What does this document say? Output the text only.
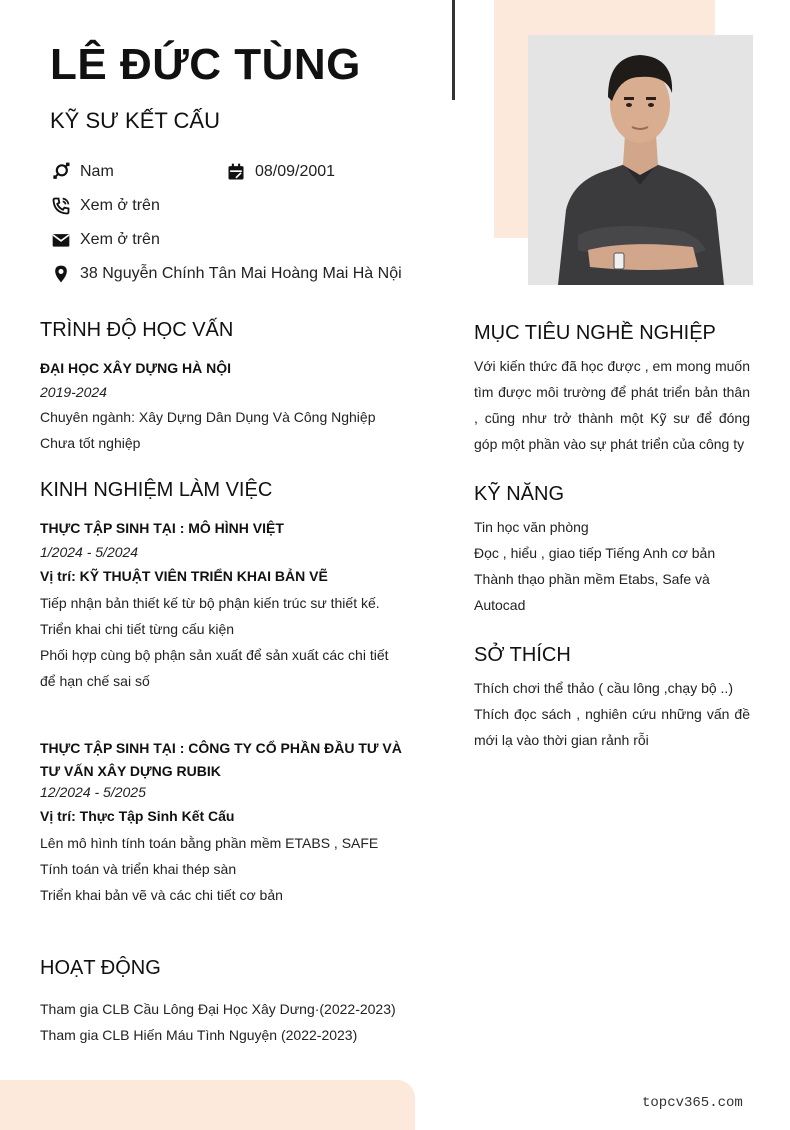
LÊ ĐỨC TÙNG
KỸ SƯ KẾT CẤU
Nam	08/09/2001
Xem ở trên
Xem ở trên
38 Nguyễn Chính Tân Mai Hoàng Mai Hà Nội
TRÌNH ĐỘ HỌC VẤN
ĐẠI HỌC XÂY DỰNG HÀ NỘI
2019-2024
Chuyên ngành: Xây Dựng Dân Dụng Và Công Nghiệp
Chưa tốt nghiệp
KINH NGHIỆM LÀM VIỆC
THỰC TẬP SINH TẠI : MÔ HÌNH VIỆT
1/2024 - 5/2024
Vị trí: KỸ THUẬT VIÊN TRIỂN KHAI BẢN VẼ
Tiếp nhận bản thiết kế từ bộ phận kiến trúc sư thiết kế.
Triển khai chi tiết từng cấu kiện
Phối hợp cùng bộ phận sản xuất để sản xuất các chi tiết để hạn chế sai số
THỰC TẬP SINH TẠI : CÔNG TY CỔ PHẦN ĐẦU TƯ VÀ TƯ VẤN XÂY DỰNG RUBIK
12/2024 - 5/2025
Vị trí: Thực Tập Sinh Kết Cấu
Lên mô hình tính toán bằng phần mềm ETABS , SAFE
Tính toán và triển khai thép sàn
Triển khai bản vẽ và các chi tiết cơ bản
HOẠT ĐỘNG
Tham gia CLB Cầu Lông Đại Học Xây Dưng·(2022-2023)
Tham gia CLB Hiến Máu Tình Nguyện (2022-2023)
MỤC TIÊU NGHỀ NGHIỆP
Với kiến thức đã học được , em mong muốn tìm được môi trường để phát triển bản thân , cũng như trở thành một Kỹ sư để đóng góp một phần vào sự phát triển của công ty
KỸ NĂNG
Tin học văn phòng
Đọc , hiểu , giao tiếp Tiếng Anh cơ bản
Thành thạo phần mềm Etabs, Safe và Autocad
SỞ THÍCH
Thích chơi thể thảo ( cầu lông ,chạy bộ ..)
Thích đọc sách , nghiên cứu những vấn đề mới lạ vào thời gian rảnh rỗi
topcv365.com
